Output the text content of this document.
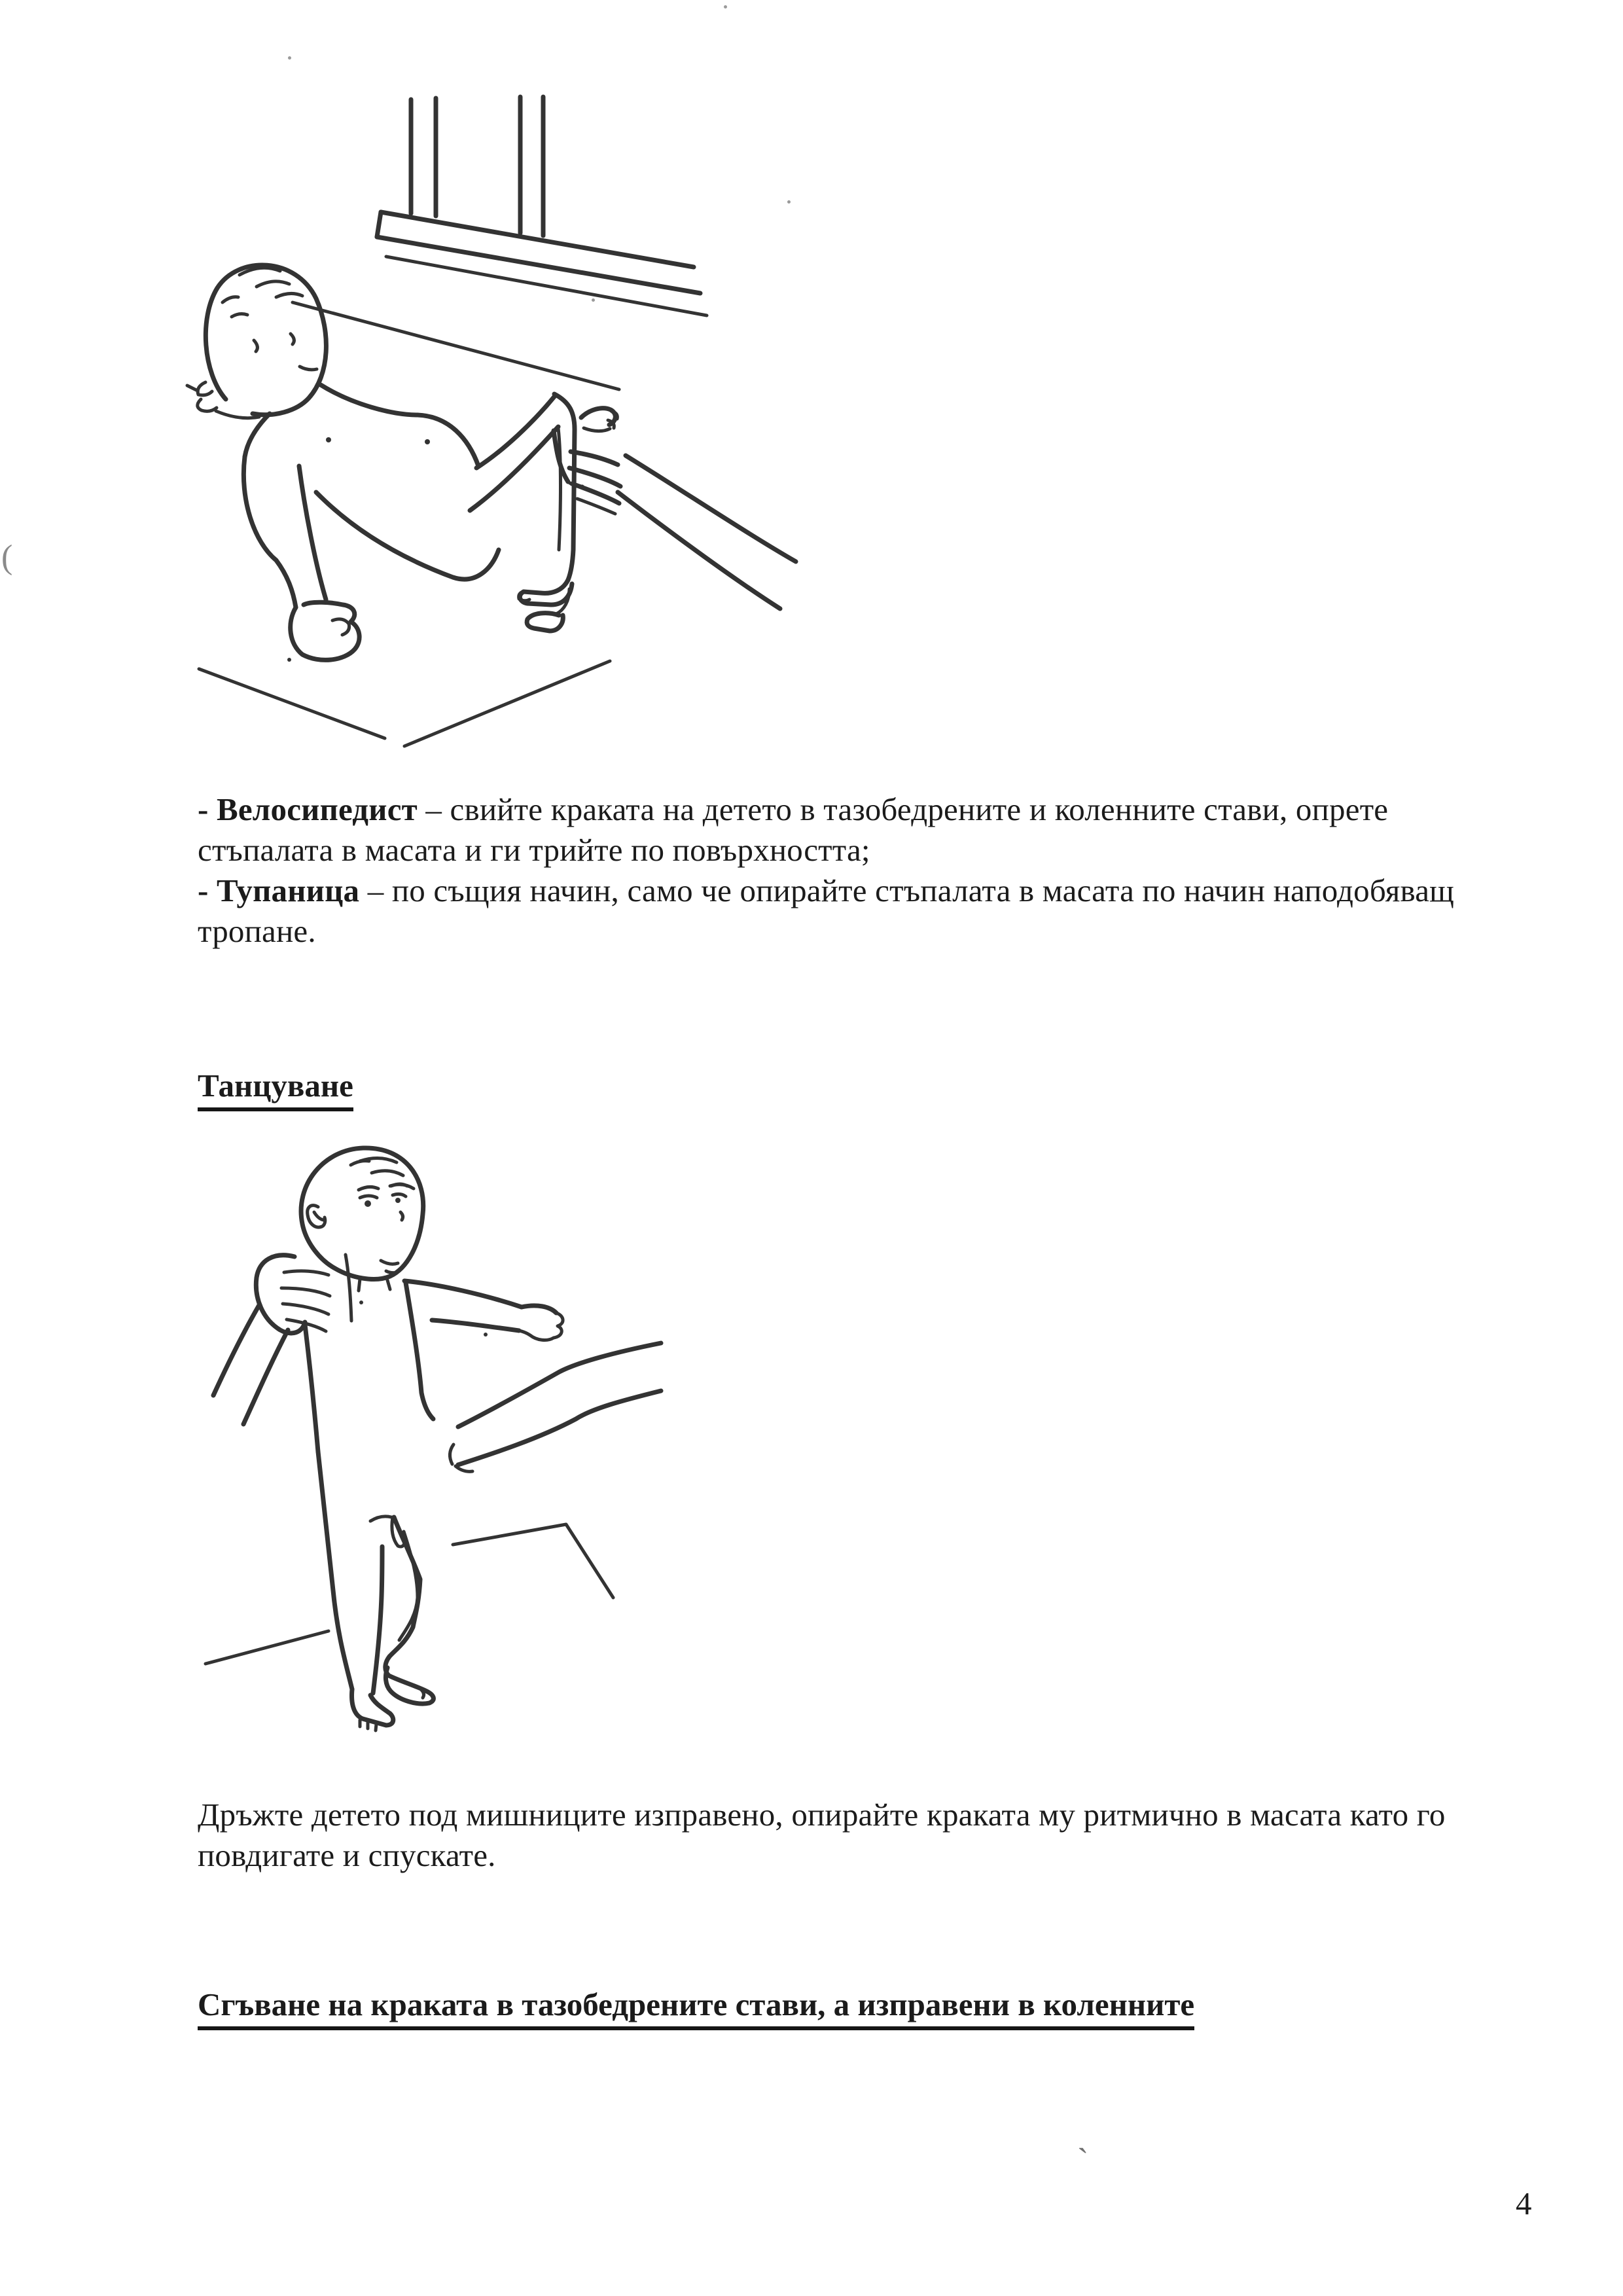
- Велосипедист – свийте краката на детето в тазобедрените и коленните стави, опрете
стъпалата в масата и ги трийте по повърхността;
- Тупаница – по същия начин, само че опирайте стъпалата в масата по начин наподобяващ
тропане.
Танцуване
Дръжте детето под мишниците изправено, опирайте краката му ритмично в масата като го
повдигате и спускате.
Сгъване на краката в тазобедрените стави, а изправени в коленните
4
(
`
